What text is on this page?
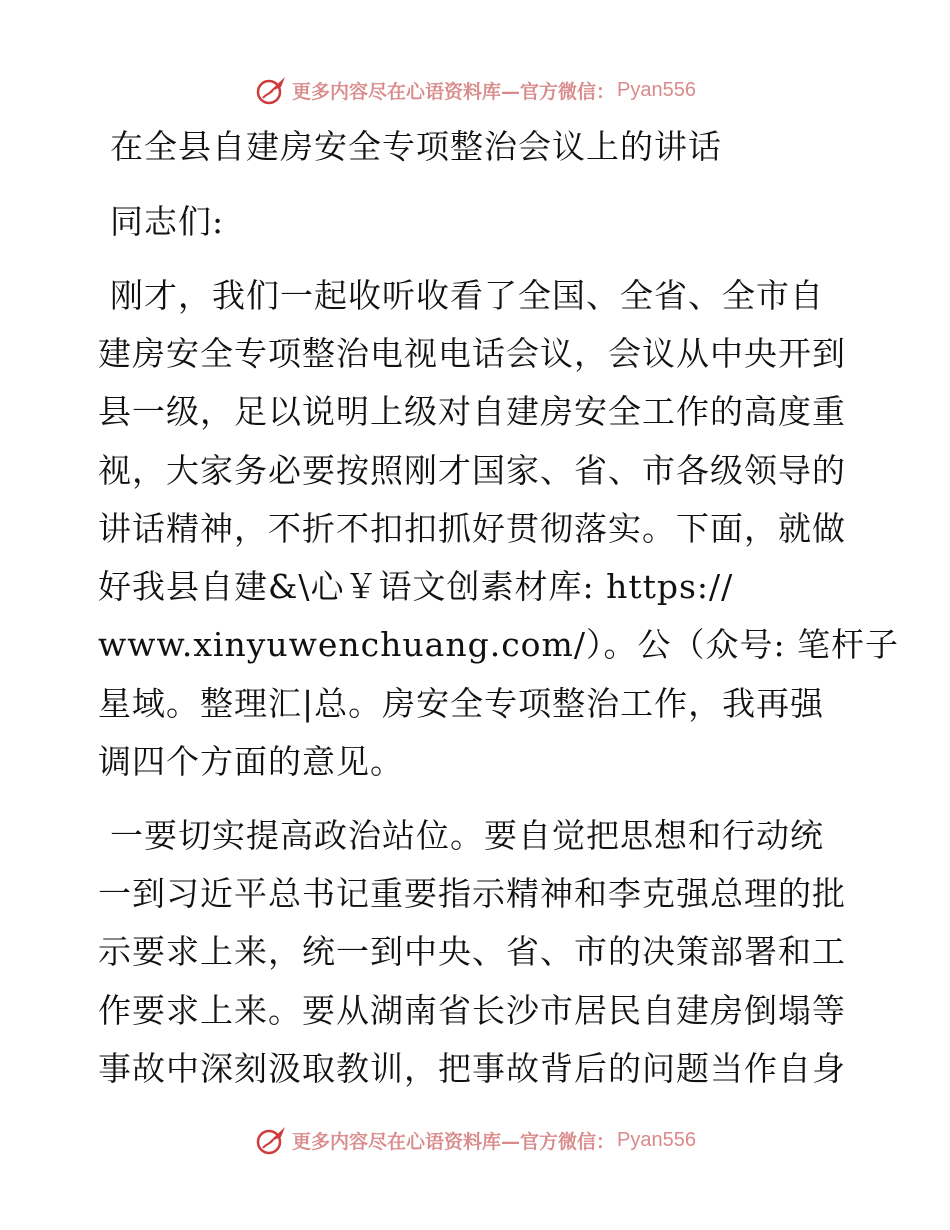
更多内容尽在心语资料库—官方微信： Pyan556
在全县自建房安全专项整治会议上的讲话
同志们:
刚才，我们一起收听收看了全国、全省、全市自
建房安全专项整治电视电话会议，会议从中央开到
县一级，足以说明上级对自建房安全工作的高度重
视，大家务必要按照刚才国家、省、市各级领导的
讲话精神，不折不扣扣抓好贯彻落实。下面，就做
好我县自建&\心￥语文创素材库: https://
www.xinyuwenchuang.com/）。公（众号: 笔杆子
星域。整理汇|总。房安全专项整治工作，我再强
调四个方面的意见。
一要切实提高政治站位。要自觉把思想和行动统
一到习近平总书记重要指示精神和李克强总理的批
示要求上来，统一到中央、省、市的决策部署和工
作要求上来。要从湖南省长沙市居民自建房倒塌等
事故中深刻汲取教训，把事故背后的问题当作自身
更多内容尽在心语资料库—官方微信： Pyan556
